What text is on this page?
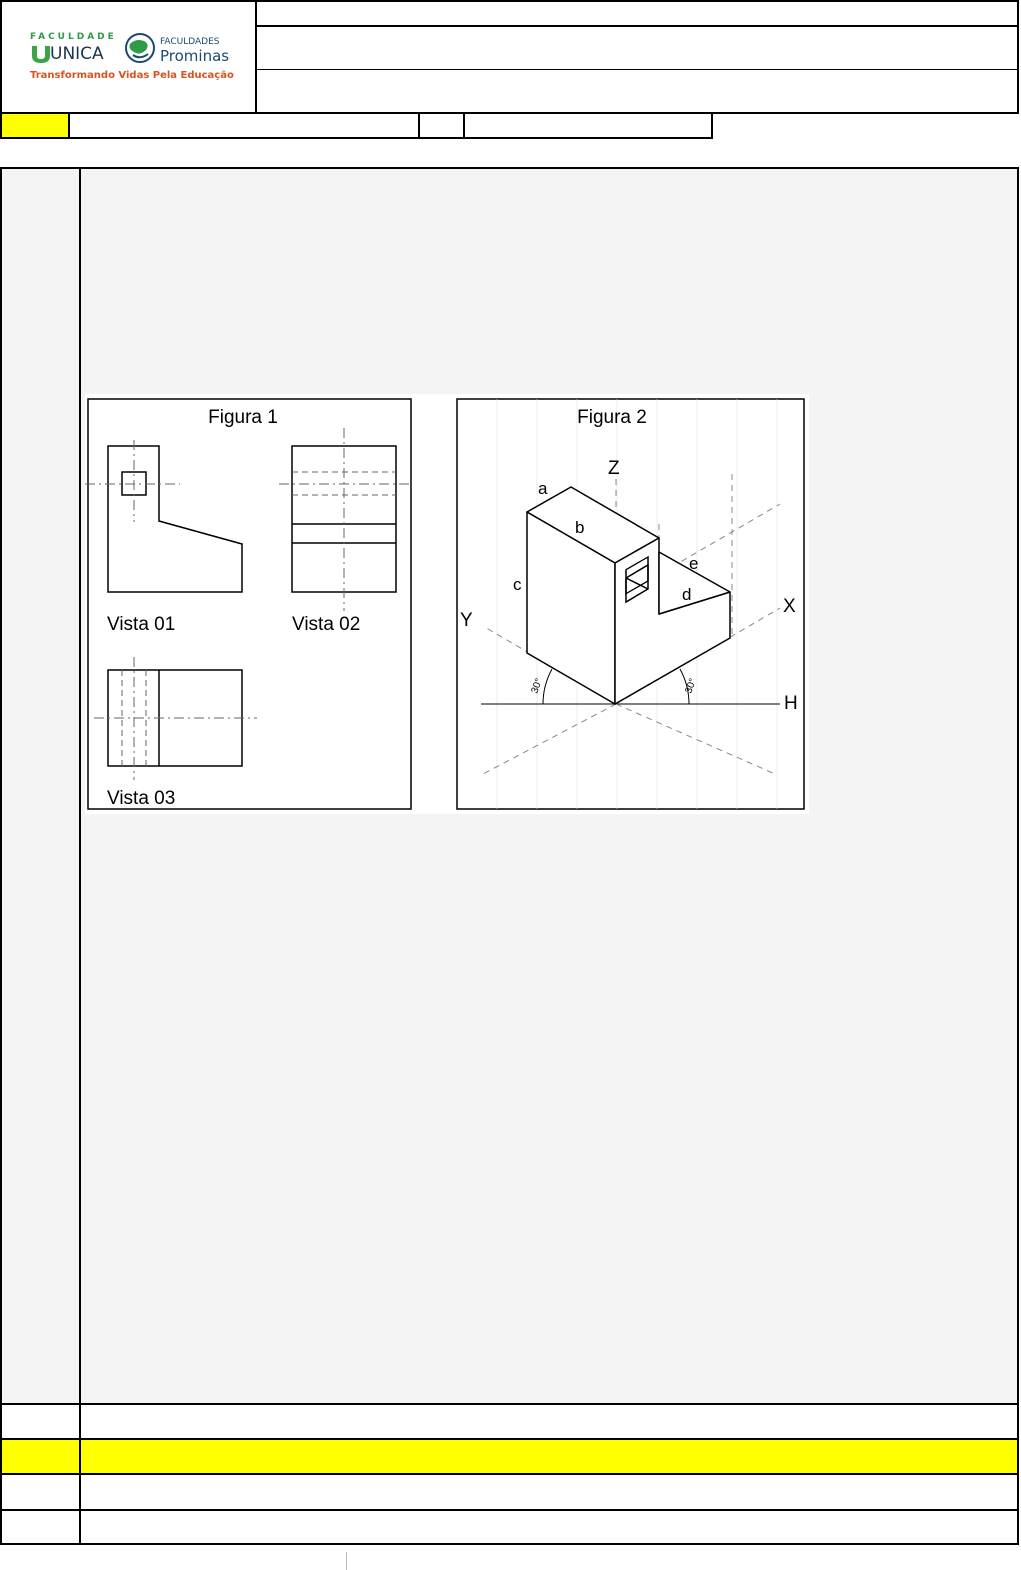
FACULDADE
UNICA
FACULDADES
Prominas
Transformando Vidas Pela Educação
Figura 1
Vista 01	Vista 02
Vista 03
Figura 2
30°	30°
Z
Y
X
H
a
b
c
d
e
